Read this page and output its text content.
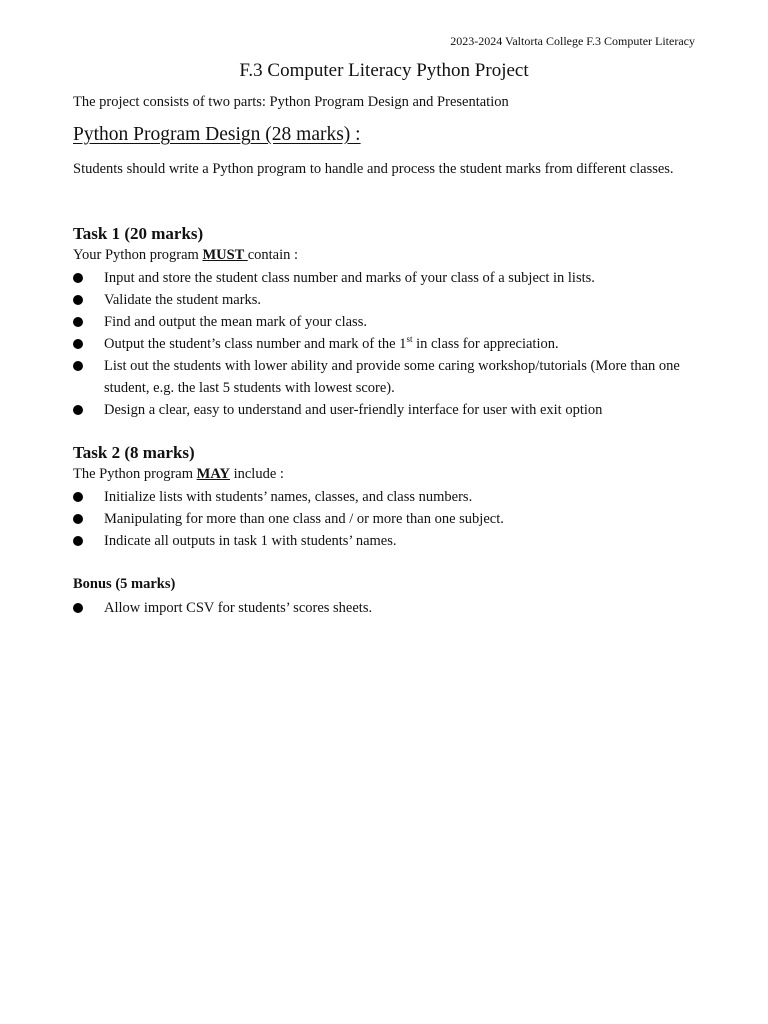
2023-2024 Valtorta College F.3 Computer Literacy
F.3 Computer Literacy Python Project
The project consists of two parts: Python Program Design and Presentation
Python Program Design (28 marks) :
Students should write a Python program to handle and process the student marks from different classes.
Task 1 (20 marks)
Your Python program MUST contain :
Input and store the student class number and marks of your class of a subject in lists.
Validate the student marks.
Find and output the mean mark of your class.
Output the student’s class number and mark of the 1st in class for appreciation.
List out the students with lower ability and provide some caring workshop/tutorials (More than one student, e.g. the last 5 students with lowest score).
Design a clear, easy to understand and user-friendly interface for user with exit option
Task 2 (8 marks)
The Python program MAY include :
Initialize lists with students’ names, classes, and class numbers.
Manipulating for more than one class and / or more than one subject.
Indicate all outputs in task 1 with students’ names.
Bonus (5 marks)
Allow import CSV for students’ scores sheets.
